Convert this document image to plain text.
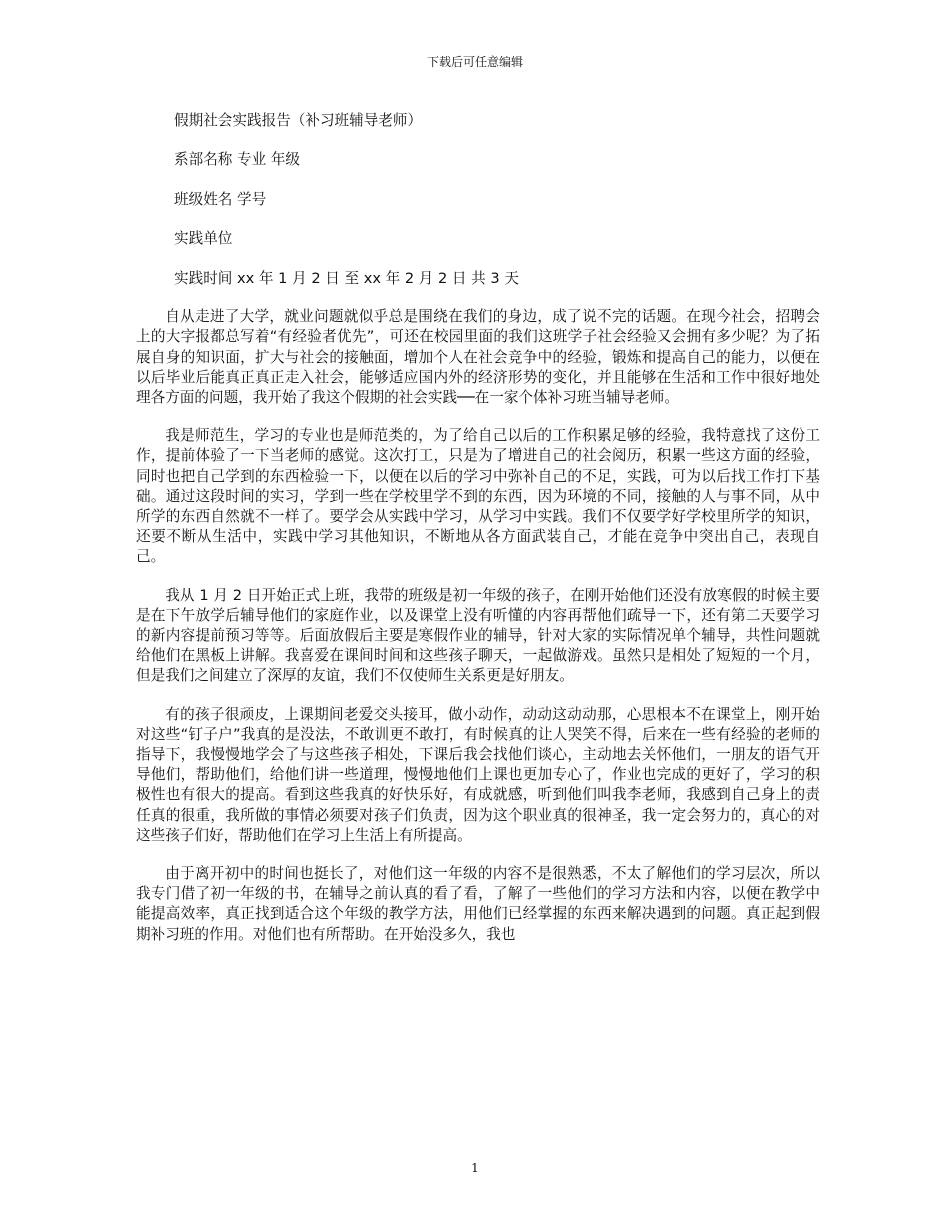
下载后可任意编辑
假期社会实践报告（补习班辅导老师）
系部名称 专业 年级
班级姓名 学号
实践单位
实践时间 xx 年 1 月 2 日 至 xx 年 2 月 2 日 共 3 天

自从走进了大学，就业问题就似乎总是围绕在我们的身边，成了说不完的话题。在现今社会，招聘会上的大字报都总写着“有经验者优先”，可还在校园里面的我们这班学子社会经验又会拥有多少呢？为了拓展自身的知识面，扩大与社会的接触面，增加个人在社会竞争中的经验，锻炼和提高自己的能力，以便在以后毕业后能真正真正走入社会，能够适应国内外的经济形势的变化，并且能够在生活和工作中很好地处理各方面的问题，我开始了我这个假期的社会实践──在一家个体补习班当辅导老师。

我是师范生，学习的专业也是师范类的，为了给自己以后的工作积累足够的经验，我特意找了这份工作，提前体验了一下当老师的感觉。这次打工，只是为了增进自己的社会阅历，积累一些这方面的经验，同时也把自己学到的东西检验一下，以便在以后的学习中弥补自己的不足，实践，可为以后找工作打下基础。通过这段时间的实习，学到一些在学校里学不到的东西，因为环境的不同，接触的人与事不同，从中所学的东西自然就不一样了。要学会从实践中学习，从学习中实践。我们不仅要学好学校里所学的知识，还要不断从生活中，实践中学习其他知识，不断地从各方面武装自己，才能在竞争中突出自己，表现自己。

我从 1 月 2 日开始正式上班，我带的班级是初一年级的孩子，在刚开始他们还没有放寒假的时候主要是在下午放学后辅导他们的家庭作业，以及课堂上没有听懂的内容再帮他们疏导一下，还有第二天要学习的新内容提前预习等等。后面放假后主要是寒假作业的辅导，针对大家的实际情况单个辅导，共性问题就给他们在黑板上讲解。我喜爱在课间时间和这些孩子聊天，一起做游戏。虽然只是相处了短短的一个月，但是我们之间建立了深厚的友谊，我们不仅使师生关系更是好朋友。

有的孩子很顽皮，上课期间老爱交头接耳，做小动作，动动这动动那，心思根本不在课堂上，刚开始对这些“钉子户”我真的是没法，不敢训更不敢打，有时候真的让人哭笑不得，后来在一些有经验的老师的指导下，我慢慢地学会了与这些孩子相处，下课后我会找他们谈心，主动地去关怀他们，一朋友的语气开导他们，帮助他们，给他们讲一些道理，慢慢地他们上课也更加专心了，作业也完成的更好了，学习的积极性也有很大的提高。看到这些我真的好快乐好，有成就感，听到他们叫我李老师，我感到自己身上的责任真的很重，我所做的事情必须要对孩子们负责，因为这个职业真的很神圣，我一定会努力的，真心的对这些孩子们好，帮助他们在学习上生活上有所提高。

由于离开初中的时间也挺长了，对他们这一年级的内容不是很熟悉，不太了解他们的学习层次，所以我专门借了初一年级的书，在辅导之前认真的看了看，了解了一些他们的学习方法和内容，以便在教学中能提高效率，真正找到适合这个年级的教学方法，用他们已经掌握的东西来解决遇到的问题。真正起到假期补习班的作用。对他们也有所帮助。在开始没多久，我也

1
